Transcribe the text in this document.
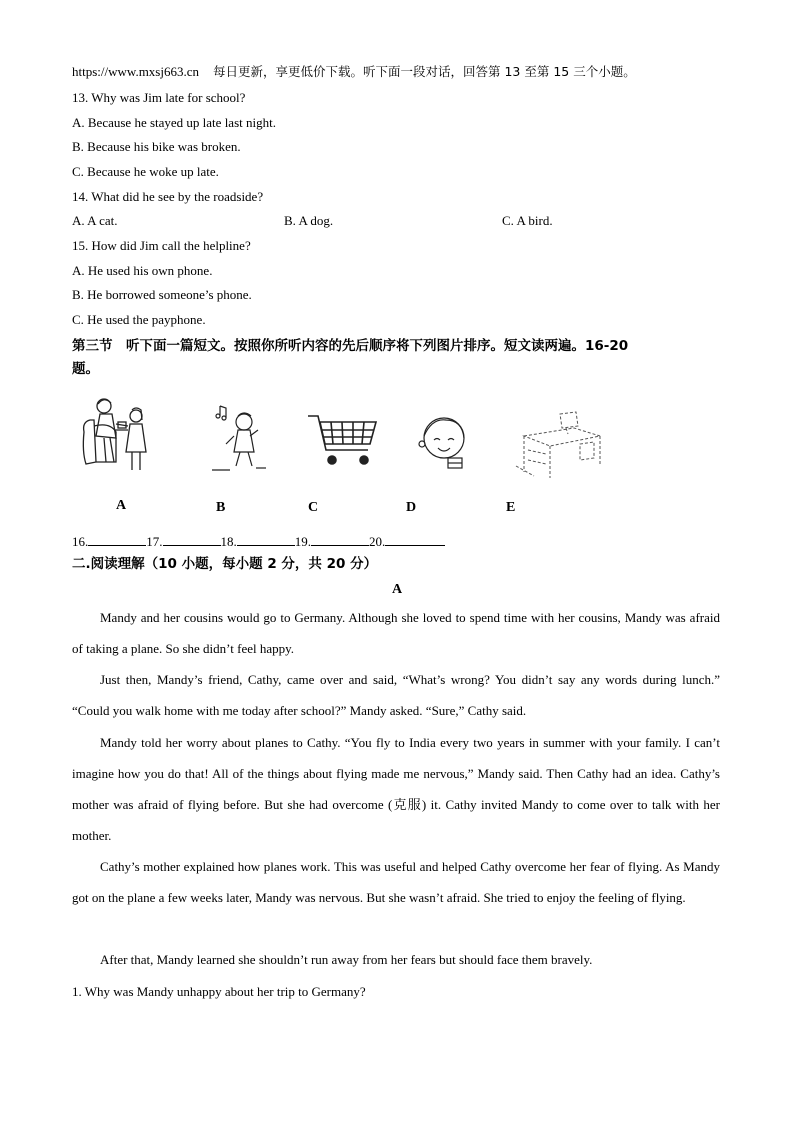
https://www.mxsj663.cn 每日更新，享更低价下载。听下面一段对话，回答第 13 至第 15 三个小题。
13. Why was Jim late for school?
A. Because he stayed up late last night.
B. Because his bike was broken.
C. Because he woke up late.
14. What did he see by the roadside?
A. A cat.	B. A dog.	C. A bird.
15. How did Jim call the helpline?
A. He used his own phone.
B. He borrowed someone’s phone.
C. He used the payphone.
第三节　听下面一篇短文。按照你所听内容的先后顺序将下列图片排序。短文读两遍。16-20
题。
A	B	C	D	E
16.	17.	18.	19.	20.
二.阅读理解（10 小题，每小题 2 分，共 20 分）
A

Mandy and her cousins would go to Germany. Although she loved to spend time with her cousins, Mandy was afraid of taking a plane. So she didn’t feel happy.

Just then, Mandy’s friend, Cathy, came over and said, “What’s wrong? You didn’t say any words during lunch.” “Could you walk home with me today after school?” Mandy asked. “Sure,” Cathy said.

Mandy told her worry about planes to Cathy. “You fly to India every two years in summer with your family. I can’t imagine how you do that! All of the things about flying made me nervous,” Mandy said. Then Cathy had an idea. Cathy’s mother was afraid of flying before. But she had overcome (克服) it. Cathy invited Mandy to come over to talk with her mother.

Cathy’s mother explained how planes work. This was useful and helped Cathy overcome her fear of flying. As Mandy got on the plane a few weeks later, Mandy was nervous. But she wasn’t afraid. She tried to enjoy the feeling of flying.

After that, Mandy learned she shouldn’t run away from her fears but should face them bravely.

1. Why was Mandy unhappy about her trip to Germany?
